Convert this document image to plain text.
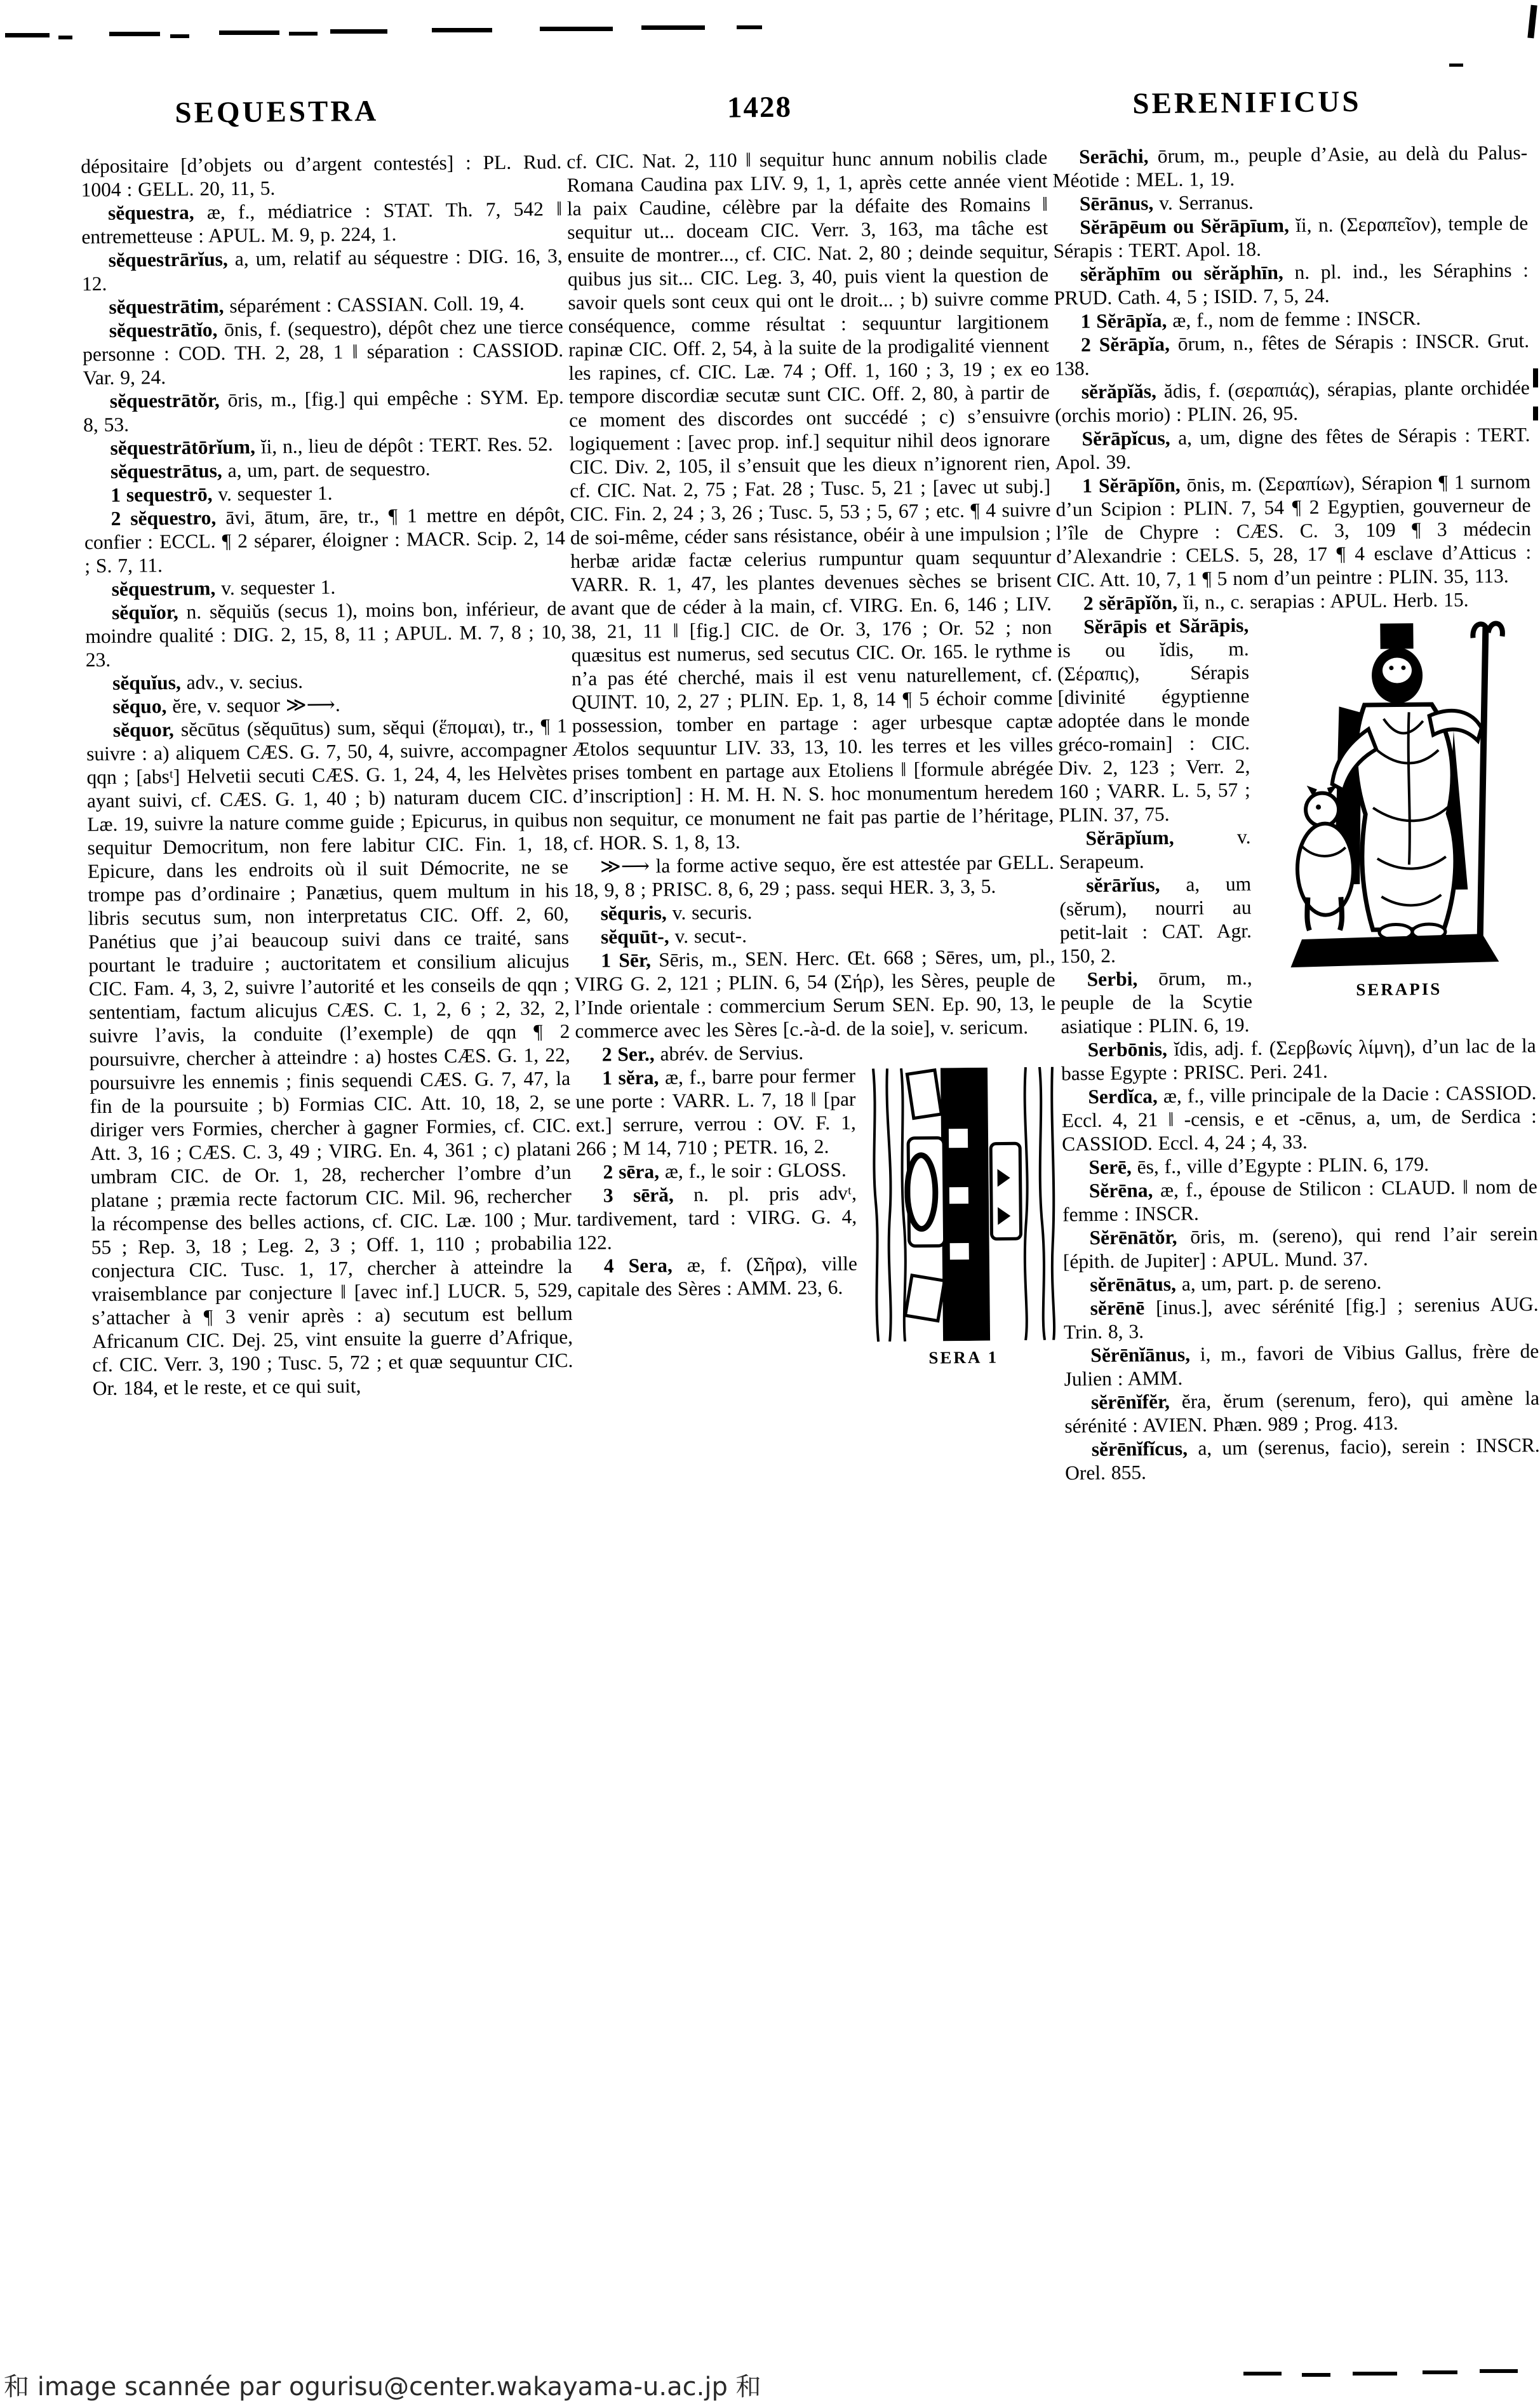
SEQUESTRA	1428	SERENIFICUS

dépositaire [d’objets ou d’argent contestés] : PL. Rud. 1004 : GELL. 20, 11, 5.

sĕquestra, æ, f., médiatrice : STAT. Th. 7, 542 ‖ entremetteuse : APUL. M. 9, p. 224, 1.

sĕquestrārĭus, a, um, relatif au séquestre : DIG. 16, 3, 12.

sĕquestrātim, séparément : CASSIAN. Coll. 19, 4.

sĕquestrātĭo, ōnis, f. (sequestro), dépôt chez une tierce personne : COD. TH. 2, 28, 1 ‖ séparation : CASSIOD. Var. 9, 24.

sĕquestrātŏr, ōris, m., [fig.] qui empêche : SYM. Ep. 8, 53.

sĕquestrātōrĭum, ĭi, n., lieu de dépôt : TERT. Res. 52.

sĕquestrātus, a, um, part. de sequestro.

1 sequestrō, v. sequester 1.

2 sĕquestro, āvi, ātum, āre, tr., ¶ 1 mettre en dépôt, confier : ECCL. ¶ 2 séparer, éloigner : MACR. Scip. 2, 14 ; S. 7, 11.

sĕquestrum, v. sequester 1.

sĕquĭor, n. sĕquiŭs (secus 1), moins bon, inférieur, de moindre qualité : DIG. 2, 15, 8, 11 ; APUL. M. 7, 8 ; 10, 23.

sĕquĭus, adv., v. secius.

sĕquo, ĕre, v. sequor ≫⟶.

sĕquor, sĕcūtus (sĕquūtus) sum, sĕqui (ἕπομαι), tr., ¶ 1 suivre : a) aliquem CÆS. G. 7, 50, 4, suivre, accompagner qqn ; [absᵗ] Helvetii secuti CÆS. G. 1, 24, 4, les Helvètes ayant suivi, cf. CÆS. G. 1, 40 ; b) naturam ducem CIC. Læ. 19, suivre la nature comme guide ; Epicurus, in quibus sequitur Democritum, non fere labitur CIC. Fin. 1, 18, Epicure, dans les endroits où il suit Démocrite, ne se trompe pas d’ordinaire ; Panætius, quem multum in his libris secutus sum, non interpretatus CIC. Off. 2, 60, Panétius que j’ai beaucoup suivi dans ce traité, sans pourtant le traduire ; auctoritatem et consilium alicujus CIC. Fam. 4, 3, 2, suivre l’autorité et les conseils de qqn ; sententiam, factum alicujus CÆS. C. 1, 2, 6 ; 2, 32, 2, suivre l’avis, la conduite (l’exemple) de qqn ¶ 2 poursuivre, chercher à atteindre : a) hostes CÆS. G. 1, 22, poursuivre les ennemis ; finis sequendi CÆS. G. 7, 47, la fin de la poursuite ; b) Formias CIC. Att. 10, 18, 2, se diriger vers Formies, chercher à gagner Formies, cf. CIC. Att. 3, 16 ; CÆS. C. 3, 49 ; VIRG. En. 4, 361 ; c) platani umbram CIC. de Or. 1, 28, rechercher l’ombre d’un platane ; præmia recte factorum CIC. Mil. 96, rechercher la récompense des belles actions, cf. CIC. Læ. 100 ; Mur. 55 ; Rep. 3, 18 ; Leg. 2, 3 ; Off. 1, 110 ; probabilia conjectura CIC. Tusc. 1, 17, chercher à atteindre la vraisemblance par conjecture ‖ [avec inf.] LUCR. 5, 529, s’attacher à ¶ 3 venir après : a) secutum est bellum Africanum CIC. Dej. 25, vint ensuite la guerre d’Afrique, cf. CIC. Verr. 3, 190 ; Tusc. 5, 72 ; et quæ sequuntur CIC. Or. 184, et le reste, et ce qui suit,

cf. CIC. Nat. 2, 110 ‖ sequitur hunc annum nobilis clade Romana Caudina pax LIV. 9, 1, 1, après cette année vient la paix Caudine, célèbre par la défaite des Romains ‖ sequitur ut... doceam CIC. Verr. 3, 163, ma tâche est ensuite de montrer..., cf. CIC. Nat. 2, 80 ; deinde sequitur, quibus jus sit... CIC. Leg. 3, 40, puis vient la question de savoir quels sont ceux qui ont le droit... ; b) suivre comme conséquence, comme résultat : sequuntur largitionem rapinæ CIC. Off. 2, 54, à la suite de la prodigalité viennent les rapines, cf. CIC. Læ. 74 ; Off. 1, 160 ; 3, 19 ; ex eo tempore discordiæ secutæ sunt CIC. Off. 2, 80, à partir de ce moment des discordes ont succédé ; c) s’ensuivre logiquement : [avec prop. inf.] sequitur nihil deos ignorare CIC. Div. 2, 105, il s’ensuit que les dieux n’ignorent rien, cf. CIC. Nat. 2, 75 ; Fat. 28 ; Tusc. 5, 21 ; [avec ut subj.] CIC. Fin. 2, 24 ; 3, 26 ; Tusc. 5, 53 ; 5, 67 ; etc. ¶ 4 suivre de soi-même, céder sans résistance, obéir à une impulsion ; herbæ aridæ factæ celerius rumpuntur quam sequuntur VARR. R. 1, 47, les plantes devenues sèches se brisent avant que de céder à la main, cf. VIRG. En. 6, 146 ; LIV. 38, 21, 11 ‖ [fig.] CIC. de Or. 3, 176 ; Or. 52 ; non quæsitus est numerus, sed secutus CIC. Or. 165. le rythme n’a pas été cherché, mais il est venu naturellement, cf. QUINT. 10, 2, 27 ; PLIN. Ep. 1, 8, 14 ¶ 5 échoir comme possession, tomber en partage : ager urbesque captæ Ætolos sequuntur LIV. 33, 13, 10. les terres et les villes prises tombent en partage aux Etoliens ‖ [formule abrégée d’inscription] : H. M. H. N. S. hoc monumentum heredem non sequitur, ce monument ne fait pas partie de l’héritage, cf. HOR. S. 1, 8, 13.

≫⟶ la forme active sequo, ĕre est attestée par GELL. 18, 9, 8 ; PRISC. 8, 6, 29 ; pass. sequi HER. 3, 3, 5.

sĕquris, v. securis.

sĕquūt-, v. secut-.

1 Sēr, Sēris, m., SEN. Herc. Œt. 668 ; Sēres, um, pl., VIRG G. 2, 121 ; PLIN. 6, 54 (Σήρ), les Sères, peuple de l’Inde orientale : commercium Serum SEN. Ep. 90, 13, le commerce avec les Sères [c.-à-d. de la soie], v. sericum.

2 Ser., abrév. de Servius.

SERA 1

1 sĕra, æ, f., barre pour fermer une porte : VARR. L. 7, 18 ‖ [par ext.] serrure, verrou : OV. F. 1, 266 ; M 14, 710 ; PETR. 16, 2.

2 sēra, æ, f., le soir : GLOSS.

3 sēră, n. pl. pris advᵗ, tardivement, tard : VIRG. G. 4, 122.

4 Sera, æ, f. (Σῆρα), ville capitale des Sères : AMM. 23, 6.

Serāchi, ōrum, m., peuple d’Asie, au delà du Palus-Méotide : MEL. 1, 19.

Sērānus, v. Serranus.

Sĕrāpēum ou Sĕrāpīum, ĭi, n. (Σεραπεῖον), temple de Sérapis : TERT. Apol. 18.

sĕrăphīm ou sĕrăphīn, n. pl. ind., les Séraphins : PRUD. Cath. 4, 5 ; ISID. 7, 5, 24.

1 Sĕrāpĭa, æ, f., nom de femme : INSCR.

2 Sĕrāpĭa, ōrum, n., fêtes de Sérapis : INSCR. Grut. 138.

sĕrăpĭăs, ădis, f. (σεραπιάς), sérapias, plante orchidée (orchis morio) : PLIN. 26, 95.

Sĕrāpĭcus, a, um, digne des fêtes de Sérapis : TERT. Apol. 39.

1 Sĕrāpĭōn, ōnis, m. (Σεραπίων), Sérapion ¶ 1 surnom d’un Scipion : PLIN. 7, 54 ¶ 2 Egyptien, gouverneur de l’île de Chypre : CÆS. C. 3, 109 ¶ 3 médecin d’Alexandrie : CELS. 5, 28, 17 ¶ 4 esclave d’Atticus : CIC. Att. 10, 7, 1 ¶ 5 nom d’un peintre : PLIN. 35, 113.

2 sĕrāpĭŏn, ĭi, n., c. serapias : APUL. Herb. 15.

SERAPIS

Sĕrāpis et Sărāpis, is ou ĭdis, m. (Σέραπις), Sérapis [divinité égyptienne adoptée dans le monde gréco-romain] : CIC. Div. 2, 123 ; Verr. 2, 160 ; VARR. L. 5, 57 ; PLIN. 37, 75.

Sĕrāpĭum, v. Serapeum.

sĕrārĭus, a, um (sĕrum), nourri au petit-lait : CAT. Agr. 150, 2.

Serbi, ōrum, m., peuple de la Scytie asiatique : PLIN. 6, 19.

Serbōnis, ĭdis, adj. f. (Σερβωνίς λίμνη), d’un lac de la basse Egypte : PRISC. Peri. 241.

Serdĭca, æ, f., ville principale de la Dacie : CASSIOD. Eccl. 4, 21 ‖ -censis, e et -cēnus, a, um, de Serdica : CASSIOD. Eccl. 4, 24 ; 4, 33.

Serē, ēs, f., ville d’Egypte : PLIN. 6, 179.

Sĕrēna, æ, f., épouse de Stilicon : CLAUD. ‖ nom de femme : INSCR.

Sĕrēnātŏr, ōris, m. (sereno), qui rend l’air serein [épith. de Jupiter] : APUL. Mund. 37.

sĕrēnātus, a, um, part. p. de sereno.

sĕrēnē [inus.], avec sérénité [fig.] ; serenius AUG. Trin. 8, 3.

Sĕrēnĭānus, i, m., favori de Vibius Gallus, frère de Julien : AMM.

sĕrēnĭfĕr, ĕra, ĕrum (serenum, fero), qui amène la sérénité : AVIEN. Phæn. 989 ; Prog. 413.

sĕrēnĭfĭcus, a, um (serenus, facio), serein : INSCR. Orel. 855.

和 image scannée par ogurisu@center.wakayama-u.ac.jp 和
